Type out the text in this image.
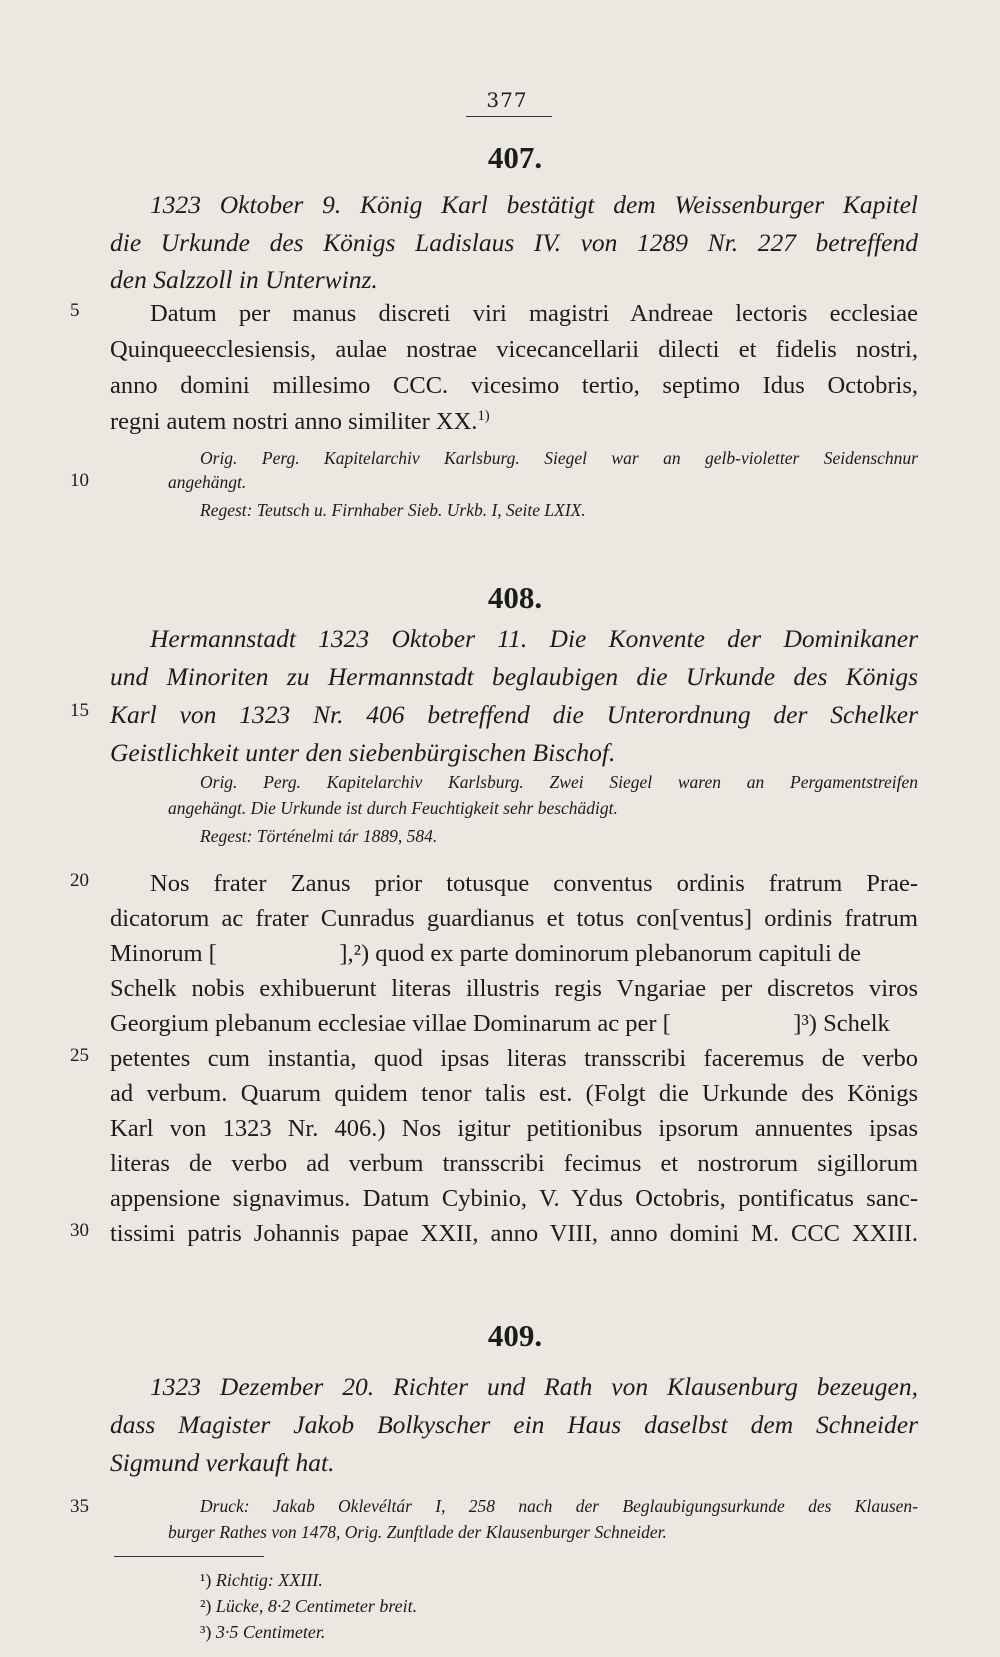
377
407.
1323 Oktober 9. König Karl bestätigt dem Weissenburger Kapitel
die Urkunde des Königs Ladislaus IV. von 1289 Nr. 227 betreffend
den Salzzoll in Unterwinz.
Datum per manus discreti viri magistri Andreae lectoris ecclesiae
Quinqueecclesiensis, aulae nostrae vicecancellarii dilecti et fidelis nostri,
anno domini millesimo CCC. vicesimo tertio, septimo Idus Octobris,
regni autem nostri anno similiter XX.$^{1)}$
Orig. Perg. Kapitelarchiv Karlsburg. Siegel war an gelb-violetter Seidenschnur
angehängt.
Regest: Teutsch u. Firnhaber Sieb. Urkb. I, Seite LXIX.
408.
Hermannstadt 1323 Oktober 11. Die Konvente der Dominikaner
und Minoriten zu Hermannstadt beglaubigen die Urkunde des Königs
Karl von 1323 Nr. 406 betreffend die Unterordnung der Schelker
Geistlichkeit unter den siebenbürgischen Bischof.
Orig. Perg. Kapitelarchiv Karlsburg. Zwei Siegel waren an Pergamentstreifen
angehängt. Die Urkunde ist durch Feuchtigkeit sehr beschädigt.
Regest: Történelmi tár 1889, 584.
Nos frater Zanus prior totusque conventus ordinis fratrum Prae-
dicatorum ac frater Cunradus guardianus et totus con[ventus] ordinis fratrum
Minorum [                    ],²) quod ex parte dominorum plebanorum capituli de
Schelk nobis exhibuerunt literas illustris regis Vngariae per discretos viros
Georgium plebanum ecclesiae villae Dominarum ac per [                    ]³) Schelk
petentes cum instantia, quod ipsas literas transscribi faceremus de verbo
ad verbum. Quarum quidem tenor talis est. (Folgt die Urkunde des Königs
Karl von 1323 Nr. 406.) Nos igitur petitionibus ipsorum annuentes ipsas
literas de verbo ad verbum transscribi fecimus et nostrorum sigillorum
appensione signavimus. Datum Cybinio, V. Ydus Octobris, pontificatus sanc-
tissimi patris Johannis papae XXII, anno VIII, anno domini M. CCC XXIII.
409.
1323 Dezember 20. Richter und Rath von Klausenburg bezeugen,
dass Magister Jakob Bolkyscher ein Haus daselbst dem Schneider
Sigmund verkauft hat.
Druck: Jakab Oklevéltár I, 258 nach der Beglaubigungsurkunde des Klausen-
burger Rathes von 1478, Orig. Zunftlade der Klausenburger Schneider.
5
10
15
20
25
30
35
¹) Richtig: XXIII.
²) Lücke, 8·2 Centimeter breit.
³) 3·5 Centimeter.
